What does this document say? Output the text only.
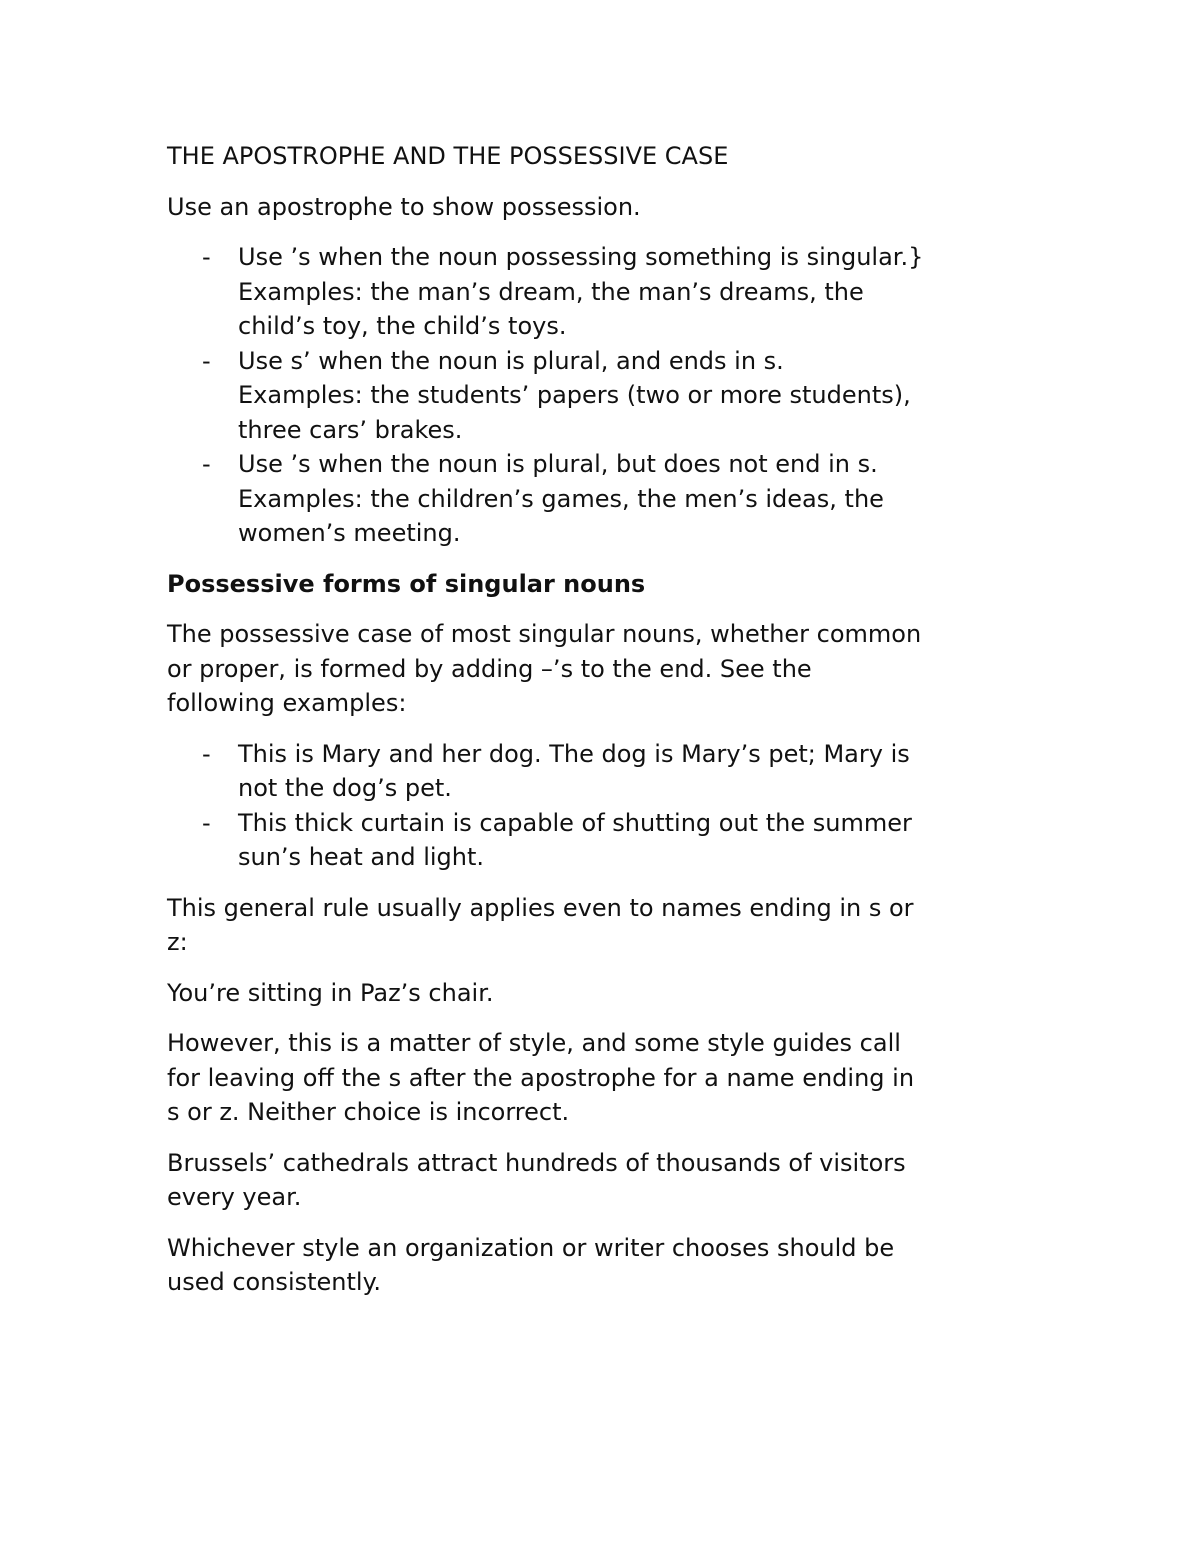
THE APOSTROPHE AND THE POSSESSIVE CASE
Use an apostrophe to show possession.
- Use ’s when the noun possessing something is singular.}
Examples: the man’s dream, the man’s dreams, the
child’s toy, the child’s toys.
- Use s’ when the noun is plural, and ends in s.
Examples: the students’ papers (two or more students),
three cars’ brakes.
- Use ’s when the noun is plural, but does not end in s.
Examples: the children’s games, the men’s ideas, the
women’s meeting.
Possessive forms of singular nouns
The possessive case of most singular nouns, whether common
or proper, is formed by adding –’s to the end. See the
following examples:
- This is Mary and her dog. The dog is Mary’s pet; Mary is
not the dog’s pet.
- This thick curtain is capable of shutting out the summer
sun’s heat and light.
This general rule usually applies even to names ending in s or
z:
You’re sitting in Paz’s chair.
However, this is a matter of style, and some style guides call
for leaving off the s after the apostrophe for a name ending in
s or z. Neither choice is incorrect.
Brussels’ cathedrals attract hundreds of thousands of visitors
every year.
Whichever style an organization or writer chooses should be
used consistently.
